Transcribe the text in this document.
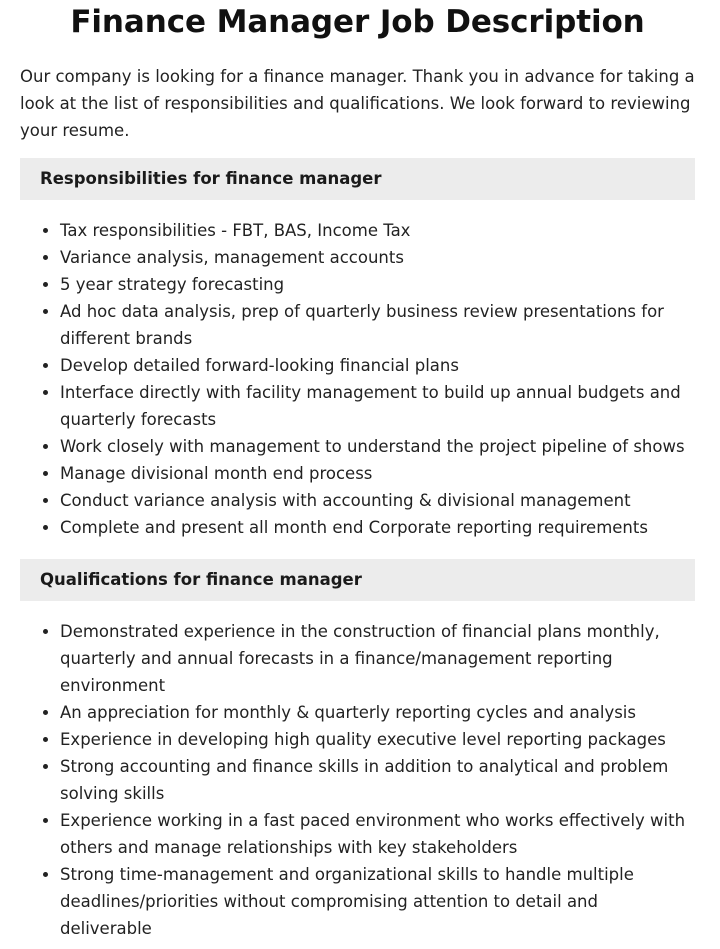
Finance Manager Job Description

Our company is looking for a finance manager. Thank you in advance for taking a look at the list of responsibilities and qualifications. We look forward to reviewing your resume.

Responsibilities for finance manager
Tax responsibilities - FBT, BAS, Income Tax
Variance analysis, management accounts
5 year strategy forecasting
Ad hoc data analysis, prep of quarterly business review presentations for different brands
Develop detailed forward-looking financial plans
Interface directly with facility management to build up annual budgets and quarterly forecasts
Work closely with management to understand the project pipeline of shows
Manage divisional month end process
Conduct variance analysis with accounting & divisional management
Complete and present all month end Corporate reporting requirements
Qualifications for finance manager
Demonstrated experience in the construction of financial plans monthly, quarterly and annual forecasts in a finance/management reporting environment
An appreciation for monthly & quarterly reporting cycles and analysis
Experience in developing high quality executive level reporting packages
Strong accounting and finance skills in addition to analytical and problem solving skills
Experience working in a fast paced environment who works effectively with others and manage relationships with key stakeholders
Strong time-management and organizational skills to handle multiple deadlines/priorities without compromising attention to detail and deliverable
